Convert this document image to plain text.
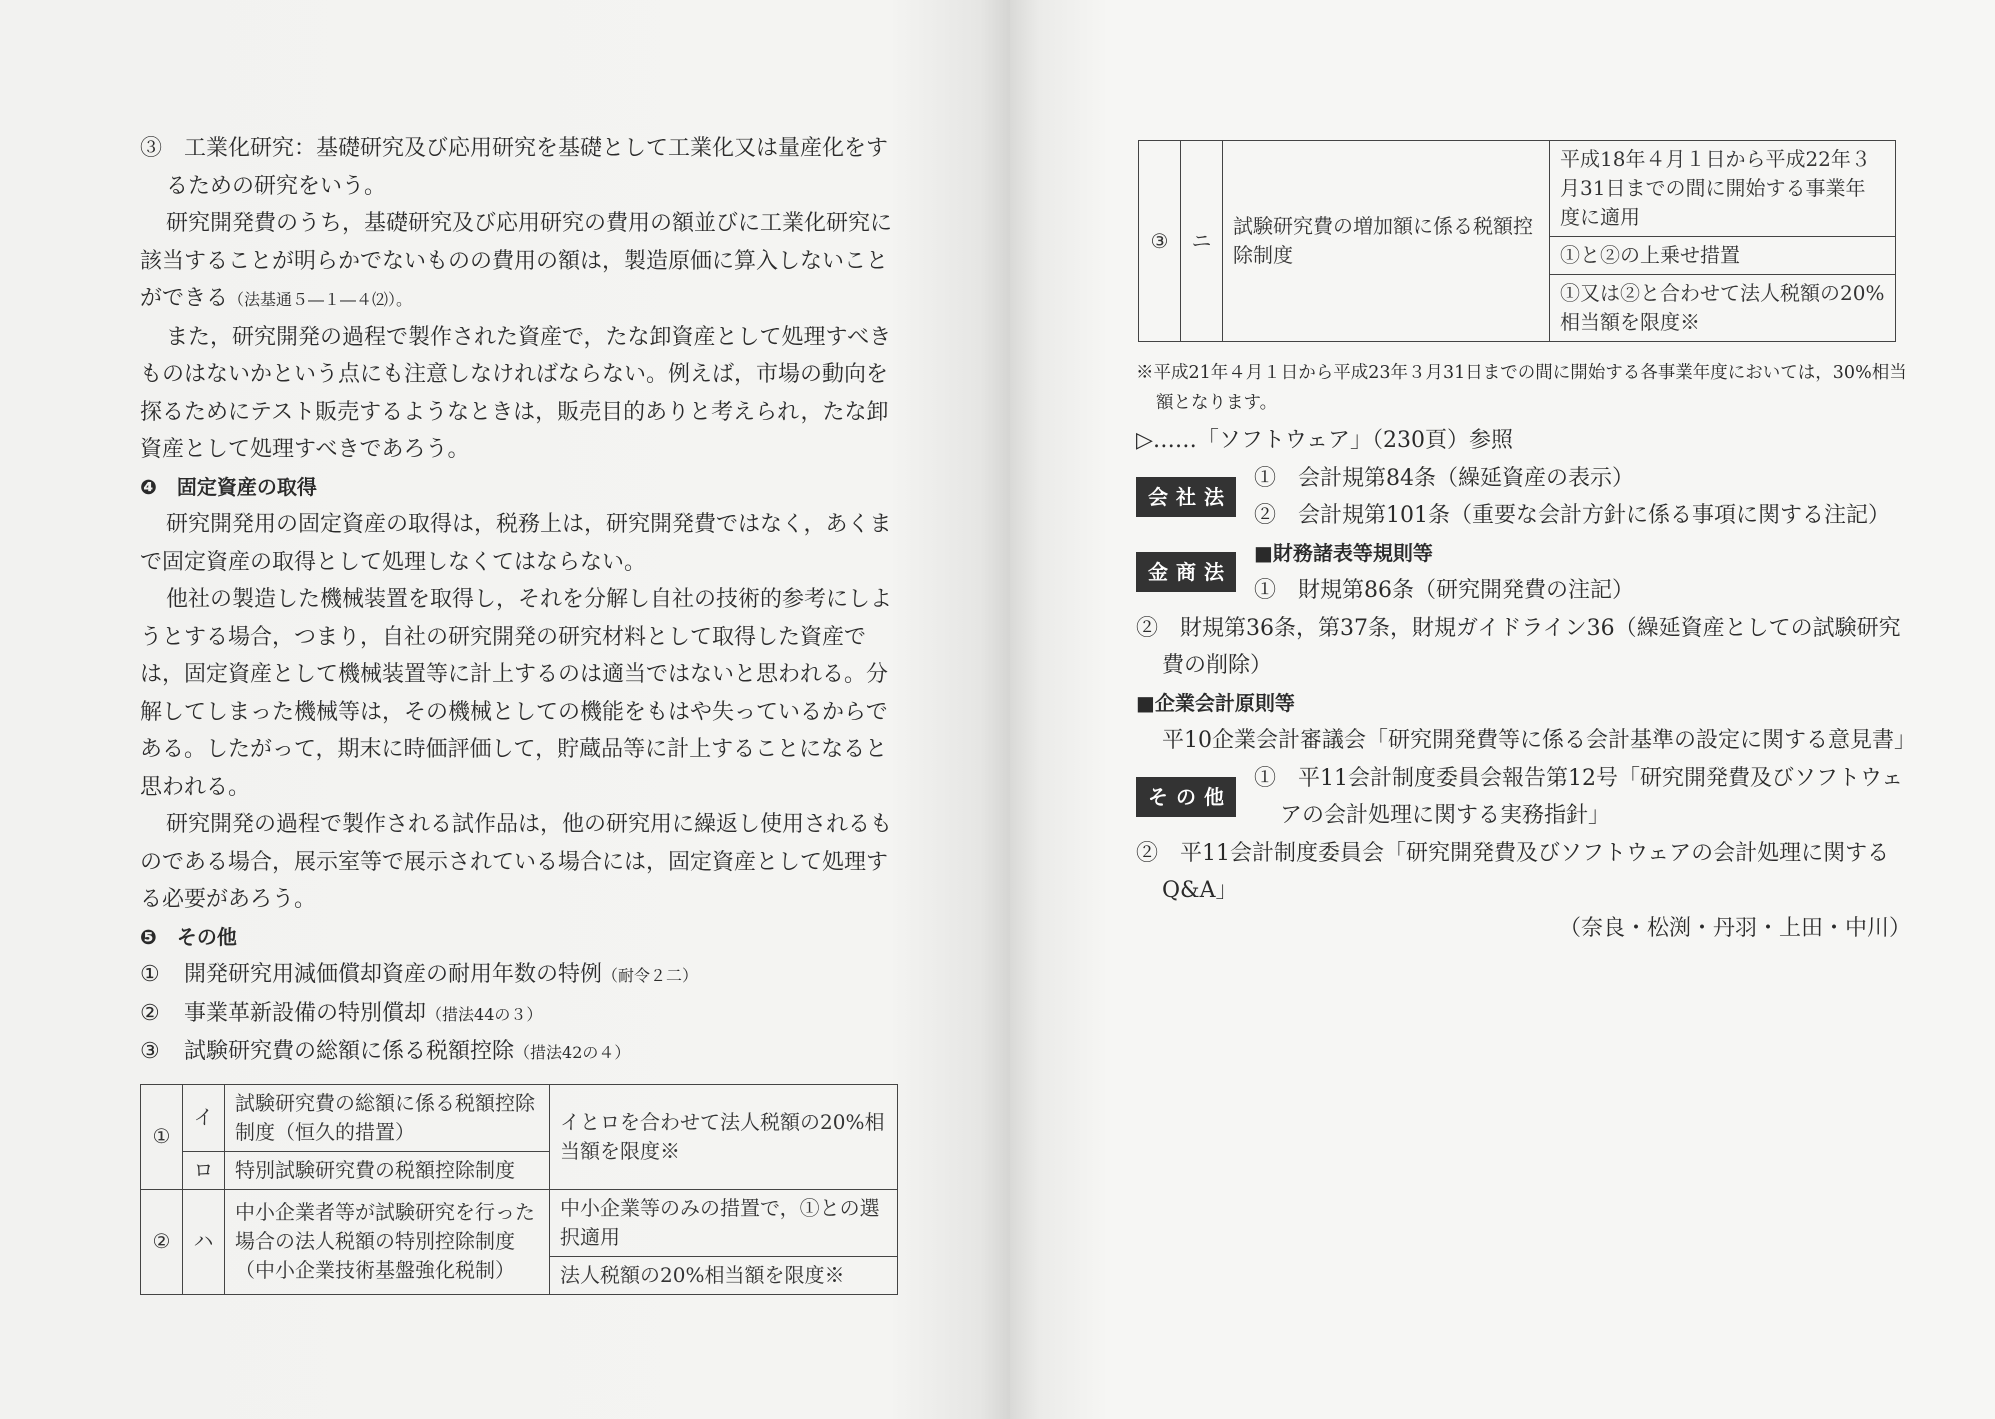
③　工業化研究：基礎研究及び応用研究を基礎として工業化又は量産化をするための研究をいう。

研究開発費のうち，基礎研究及び応用研究の費用の額並びに工業化研究に該当することが明らかでないものの費用の額は，製造原価に算入しないことができる（法基通５―１―４⑵）。

また，研究開発の過程で製作された資産で，たな卸資産として処理すべきものはないかという点にも注意しなければならない。例えば，市場の動向を探るためにテスト販売するようなときは，販売目的ありと考えられ，たな卸資産として処理すべきであろう。

❹　固定資産の取得

研究開発用の固定資産の取得は，税務上は，研究開発費ではなく，あくまで固定資産の取得として処理しなくてはならない。

他社の製造した機械装置を取得し，それを分解し自社の技術的参考にしようとする場合，つまり，自社の研究開発の研究材料として取得した資産では，固定資産として機械装置等に計上するのは適当ではないと思われる。分解してしまった機械等は，その機械としての機能をもはや失っているからである。したがって，期末に時価評価して，貯蔵品等に計上することになると思われる。

研究開発の過程で製作される試作品は，他の研究用に繰返し使用されるものである場合，展示室等で展示されている場合には，固定資産として処理する必要があろう。

❺　その他

① 開発研究用減価償却資産の耐用年数の特例（耐令２二）

② 事業革新設備の特別償却（措法44の３）

③ 試験研究費の総額に係る税額控除（措法42の４）

①	イ	試験研究費の総額に係る税額控除制度（恒久的措置）	イとロを合わせて法人税額の20%相当額を限度※
	ロ	特別試験研究費の税額控除制度	
②	ハ	中小企業者等が試験研究を行った場合の法人税額の特別控除制度（中小企業技術基盤強化税制）	中小企業等のみの措置で，①との選択適用
			法人税額の20%相当額を限度※

※平成21年４月１日から平成23年３月31日までの間に開始する各事業年度においては，30%相当額となります。

▷……「ソフトウェア」（230頁）参照

会社法

①　会計規第84条（繰延資産の表示）

②　会計規第101条（重要な会計方針に係る事項に関する注記）

金商法

■財務諸表等規則等

①　財規第86条（研究開発費の注記）

②　財規第36条，第37条，財規ガイドライン36（繰延資産としての試験研究費の削除）

■企業会計原則等

平10企業会計審議会「研究開発費等に係る会計基準の設定に関する意見書」

その他

①　平11会計制度委員会報告第12号「研究開発費及びソフトウェアの会計処理に関する実務指針」

②　平11会計制度委員会「研究開発費及びソフトウェアの会計処理に関するQ&A」

（奈良・松渕・丹羽・上田・中川）

③	ニ	試験研究費の増加額に係る税額控除制度	平成18年４月１日から平成22年３月31日までの間に開始する事業年度に適用
①と②の上乗せ措置
①又は②と合わせて法人税額の20%相当額を限度※
